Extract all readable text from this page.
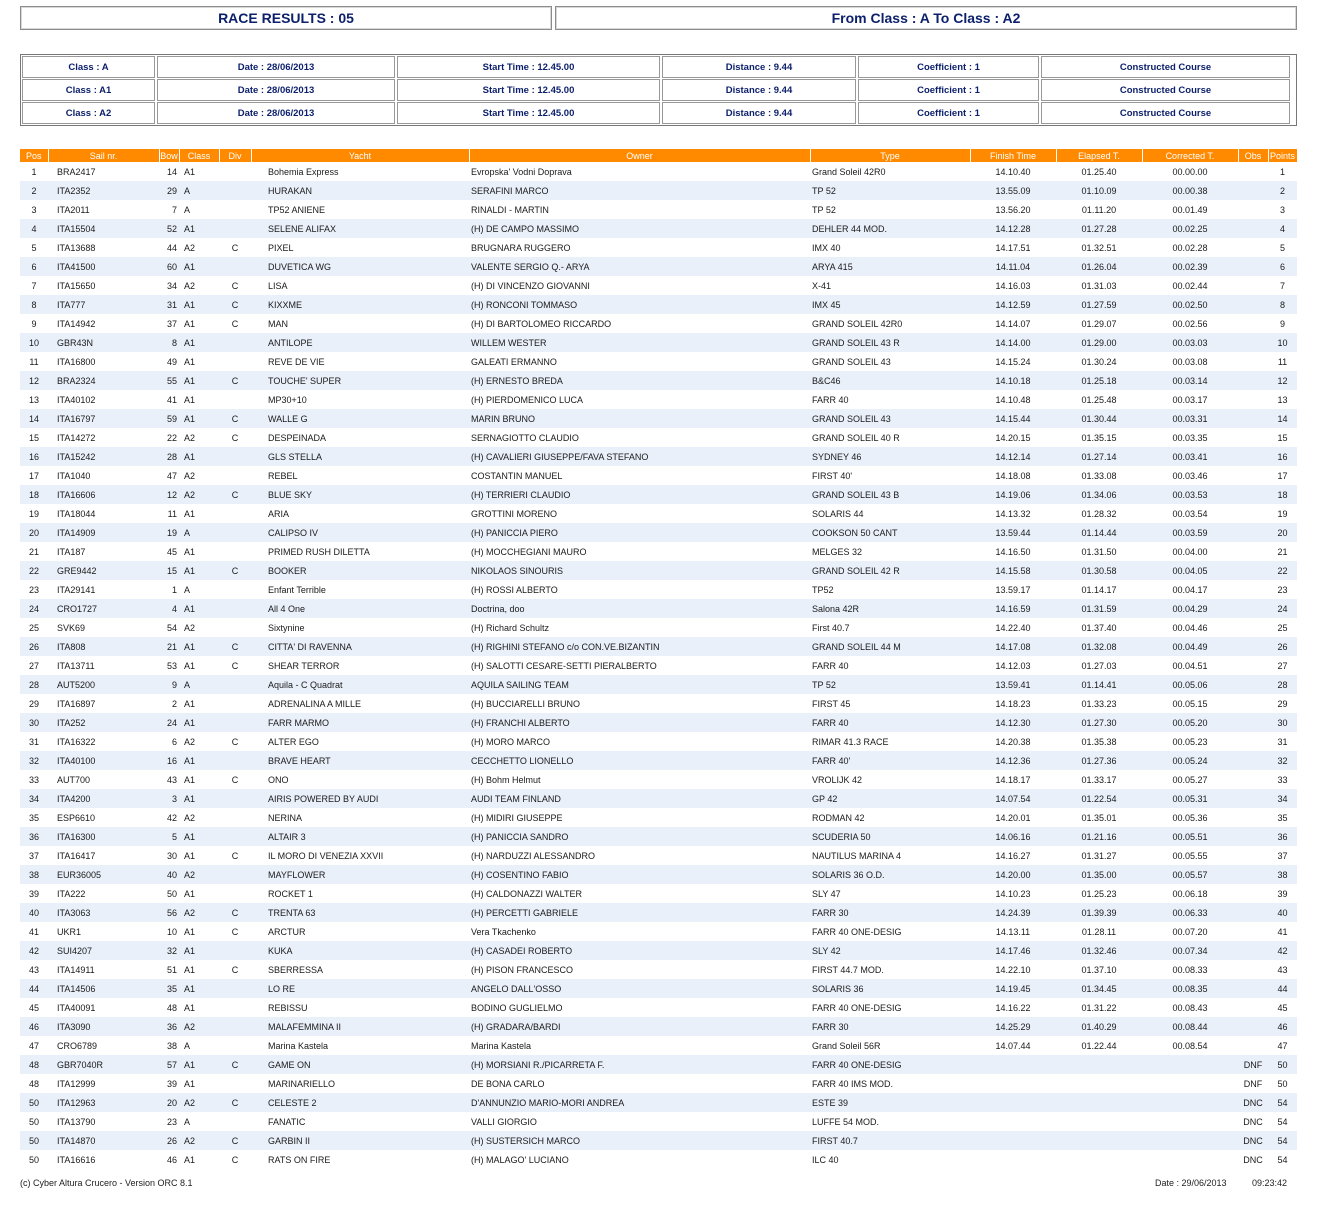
RACE RESULTS : 05	From Class : A To Class : A2
Class : A	Date : 28/06/2013	Start Time : 12.45.00	Distance : 9.44	Coefficient : 1	Constructed Course
Class : A1	Date : 28/06/2013	Start Time : 12.45.00	Distance : 9.44	Coefficient : 1	Constructed Course
Class : A2	Date : 28/06/2013	Start Time : 12.45.00	Distance : 9.44	Coefficient : 1	Constructed Course
Pos	Sail nr.	Bow	Class	Div	Yacht	Owner	Type	Finish Time	Elapsed T.	Corrected T.	Obs	Points
1	BRA2417	14	A1		Bohemia Express	Evropska' Vodni Doprava	Grand Soleil 42R0	14.10.40	01.25.40	00.00.00		1
2	ITA2352	29	A		HURAKAN	SERAFINI MARCO	TP 52	13.55.09	01.10.09	00.00.38		2
3	ITA2011	7	A		TP52 ANIENE	RINALDI - MARTIN	TP 52	13.56.20	01.11.20	00.01.49		3
4	ITA15504	52	A1		SELENE ALIFAX	(H) DE CAMPO MASSIMO	DEHLER 44 MOD.	14.12.28	01.27.28	00.02.25		4
5	ITA13688	44	A2	C	PIXEL	BRUGNARA RUGGERO	IMX 40	14.17.51	01.32.51	00.02.28		5
6	ITA41500	60	A1		DUVETICA WG	VALENTE SERGIO Q.- ARYA	ARYA 415	14.11.04	01.26.04	00.02.39		6
7	ITA15650	34	A2	C	LISA	(H) DI VINCENZO GIOVANNI	X-41	14.16.03	01.31.03	00.02.44		7
8	ITA777	31	A1	C	KIXXME	(H) RONCONI TOMMASO	IMX 45	14.12.59	01.27.59	00.02.50		8
9	ITA14942	37	A1	C	MAN	(H) DI BARTOLOMEO RICCARDO	GRAND SOLEIL 42R0	14.14.07	01.29.07	00.02.56		9
10	GBR43N	8	A1		ANTILOPE	WILLEM WESTER	GRAND SOLEIL 43 R	14.14.00	01.29.00	00.03.03		10
11	ITA16800	49	A1		REVE DE VIE	GALEATI ERMANNO	GRAND SOLEIL 43	14.15.24	01.30.24	00.03.08		11
12	BRA2324	55	A1	C	TOUCHE' SUPER	(H) ERNESTO BREDA	B&C46	14.10.18	01.25.18	00.03.14		12
13	ITA40102	41	A1		MP30+10	(H) PIERDOMENICO LUCA	FARR 40	14.10.48	01.25.48	00.03.17		13
14	ITA16797	59	A1	C	WALLE G	MARIN BRUNO	GRAND SOLEIL 43	14.15.44	01.30.44	00.03.31		14
15	ITA14272	22	A2	C	DESPEINADA	SERNAGIOTTO CLAUDIO	GRAND SOLEIL 40 R	14.20.15	01.35.15	00.03.35		15
16	ITA15242	28	A1		GLS STELLA	(H) CAVALIERI GIUSEPPE/FAVA STEFANO	SYDNEY 46	14.12.14	01.27.14	00.03.41		16
17	ITA1040	47	A2		REBEL	COSTANTIN MANUEL	FIRST 40'	14.18.08	01.33.08	00.03.46		17
18	ITA16606	12	A2	C	BLUE SKY	(H) TERRIERI CLAUDIO	GRAND SOLEIL 43 B	14.19.06	01.34.06	00.03.53		18
19	ITA18044	11	A1		ARIA	GROTTINI MORENO	SOLARIS 44	14.13.32	01.28.32	00.03.54		19
20	ITA14909	19	A		CALIPSO IV	(H) PANICCIA PIERO	COOKSON 50 CANT	13.59.44	01.14.44	00.03.59		20
21	ITA187	45	A1		PRIMED RUSH DILETTA	(H) MOCCHEGIANI MAURO	MELGES 32	14.16.50	01.31.50	00.04.00		21
22	GRE9442	15	A1	C	BOOKER	NIKOLAOS SINOURIS	GRAND SOLEIL 42 R	14.15.58	01.30.58	00.04.05		22
23	ITA29141	1	A		Enfant Terrible	(H) ROSSI ALBERTO	TP52	13.59.17	01.14.17	00.04.17		23
24	CRO1727	4	A1		All 4 One	Doctrina, doo	Salona 42R	14.16.59	01.31.59	00.04.29		24
25	SVK69	54	A2		Sixtynine	(H) Richard Schultz	First 40.7	14.22.40	01.37.40	00.04.46		25
26	ITA808	21	A1	C	CITTA' DI RAVENNA	(H) RIGHINI STEFANO c/o CON.VE.BIZANTIN	GRAND SOLEIL 44 M	14.17.08	01.32.08	00.04.49		26
27	ITA13711	53	A1	C	SHEAR TERROR	(H) SALOTTI CESARE-SETTI PIERALBERTO	FARR 40	14.12.03	01.27.03	00.04.51		27
28	AUT5200	9	A		Aquila - C Quadrat	AQUILA SAILING TEAM	TP 52	13.59.41	01.14.41	00.05.06		28
29	ITA16897	2	A1		ADRENALINA A MILLE	(H) BUCCIARELLI BRUNO	FIRST 45	14.18.23	01.33.23	00.05.15		29
30	ITA252	24	A1		FARR MARMO	(H) FRANCHI ALBERTO	FARR 40	14.12.30	01.27.30	00.05.20		30
31	ITA16322	6	A2	C	ALTER EGO	(H) MORO MARCO	RIMAR 41.3 RACE	14.20.38	01.35.38	00.05.23		31
32	ITA40100	16	A1		BRAVE HEART	CECCHETTO LIONELLO	FARR 40'	14.12.36	01.27.36	00.05.24		32
33	AUT700	43	A1	C	ONO	(H) Bohm Helmut	VROLIJK 42	14.18.17	01.33.17	00.05.27		33
34	ITA4200	3	A1		AIRIS POWERED BY AUDI	AUDI TEAM FINLAND	GP 42	14.07.54	01.22.54	00.05.31		34
35	ESP6610	42	A2		NERINA	(H) MIDIRI GIUSEPPE	RODMAN 42	14.20.01	01.35.01	00.05.36		35
36	ITA16300	5	A1		ALTAIR 3	(H) PANICCIA SANDRO	SCUDERIA 50	14.06.16	01.21.16	00.05.51		36
37	ITA16417	30	A1	C	IL MORO DI VENEZIA XXVII	(H) NARDUZZI ALESSANDRO	NAUTILUS MARINA 4	14.16.27	01.31.27	00.05.55		37
38	EUR36005	40	A2		MAYFLOWER	(H) COSENTINO FABIO	SOLARIS 36 O.D.	14.20.00	01.35.00	00.05.57		38
39	ITA222	50	A1		ROCKET 1	(H) CALDONAZZI WALTER	SLY 47	14.10.23	01.25.23	00.06.18		39
40	ITA3063	56	A2	C	TRENTA 63	(H) PERCETTI GABRIELE	FARR 30	14.24.39	01.39.39	00.06.33		40
41	UKR1	10	A1	C	ARCTUR	Vera Tkachenko	FARR 40 ONE-DESIG	14.13.11	01.28.11	00.07.20		41
42	SUI4207	32	A1		KUKA	(H) CASADEI ROBERTO	SLY 42	14.17.46	01.32.46	00.07.34		42
43	ITA14911	51	A1	C	SBERRESSA	(H) PISON FRANCESCO	FIRST 44.7 MOD.	14.22.10	01.37.10	00.08.33		43
44	ITA14506	35	A1		LO RE	ANGELO DALL'OSSO	SOLARIS 36	14.19.45	01.34.45	00.08.35		44
45	ITA40091	48	A1		REBISSU	BODINO GUGLIELMO	FARR 40 ONE-DESIG	14.16.22	01.31.22	00.08.43		45
46	ITA3090	36	A2		MALAFEMMINA II	(H) GRADARA/BARDI	FARR 30	14.25.29	01.40.29	00.08.44		46
47	CRO6789	38	A		Marina Kastela	Marina Kastela	Grand Soleil 56R	14.07.44	01.22.44	00.08.54		47
48	GBR7040R	57	A1	C	GAME ON	(H) MORSIANI R./PICARRETA F.	FARR 40 ONE-DESIG				DNF	50
48	ITA12999	39	A1		MARINARIELLO	DE BONA CARLO	FARR 40 IMS MOD.				DNF	50
50	ITA12963	20	A2	C	CELESTE 2	D'ANNUNZIO MARIO-MORI ANDREA	ESTE 39				DNC	54
50	ITA13790	23	A		FANATIC	VALLI GIORGIO	LUFFE 54 MOD.				DNC	54
50	ITA14870	26	A2	C	GARBIN II	(H) SUSTERSICH MARCO	FIRST 40.7				DNC	54
50	ITA16616	46	A1	C	RATS ON FIRE	(H) MALAGO' LUCIANO	ILC 40				DNC	54
(c) Cyber Altura Crucero - Version ORC 8.1	Date : 29/06/2013	09:23:42
